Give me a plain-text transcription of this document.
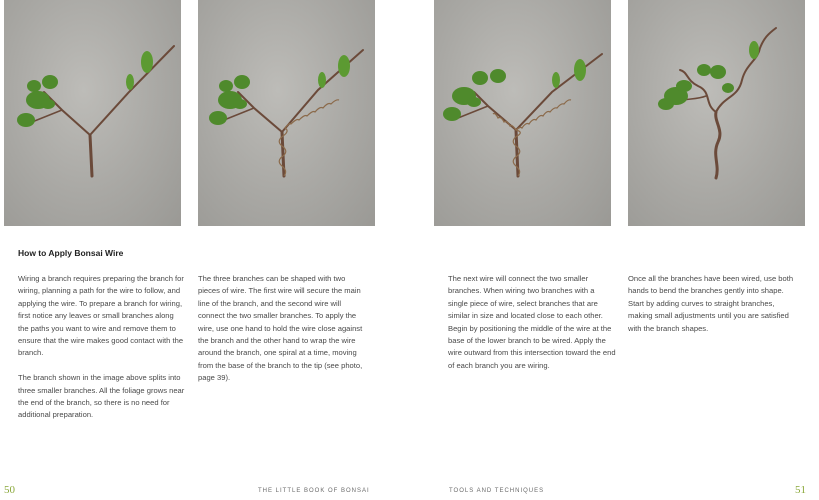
How to Apply Bonsai Wire

Wiring a branch requires preparing the branch for wiring, planning a path for the wire to follow, and applying the wire. To prepare a branch for wiring, first notice any leaves or small branches along the paths you want to wire and remove them to ensure that the wire makes good contact with the branch.

The branch shown in the image above splits into three smaller branches. All the foliage grows near the end of the branch, so there is no need for additional preparation.

The three branches can be shaped with two pieces of wire. The first wire will secure the main line of the branch, and the second wire will connect the two smaller branches. To apply the wire, use one hand to hold the wire close against the branch and the other hand to wrap the wire around the branch, one spiral at a time, moving from the base of the branch to the tip (see photo, page 39).

The next wire will connect the two smaller branches. When wiring two branches with a single piece of wire, select branches that are similar in size and located close to each other. Begin by positioning the middle of the wire at the base of the lower branch to be wired. Apply the wire outward from this intersection toward the end of each branch you are wiring.

Once all the branches have been wired, use both hands to bend the branches gently into shape. Start by adding curves to straight branches, making small adjustments until you are satisfied with the branch shapes.

50	THE LITTLE BOOK OF BONSAI	TOOLS AND TECHNIQUES	51
